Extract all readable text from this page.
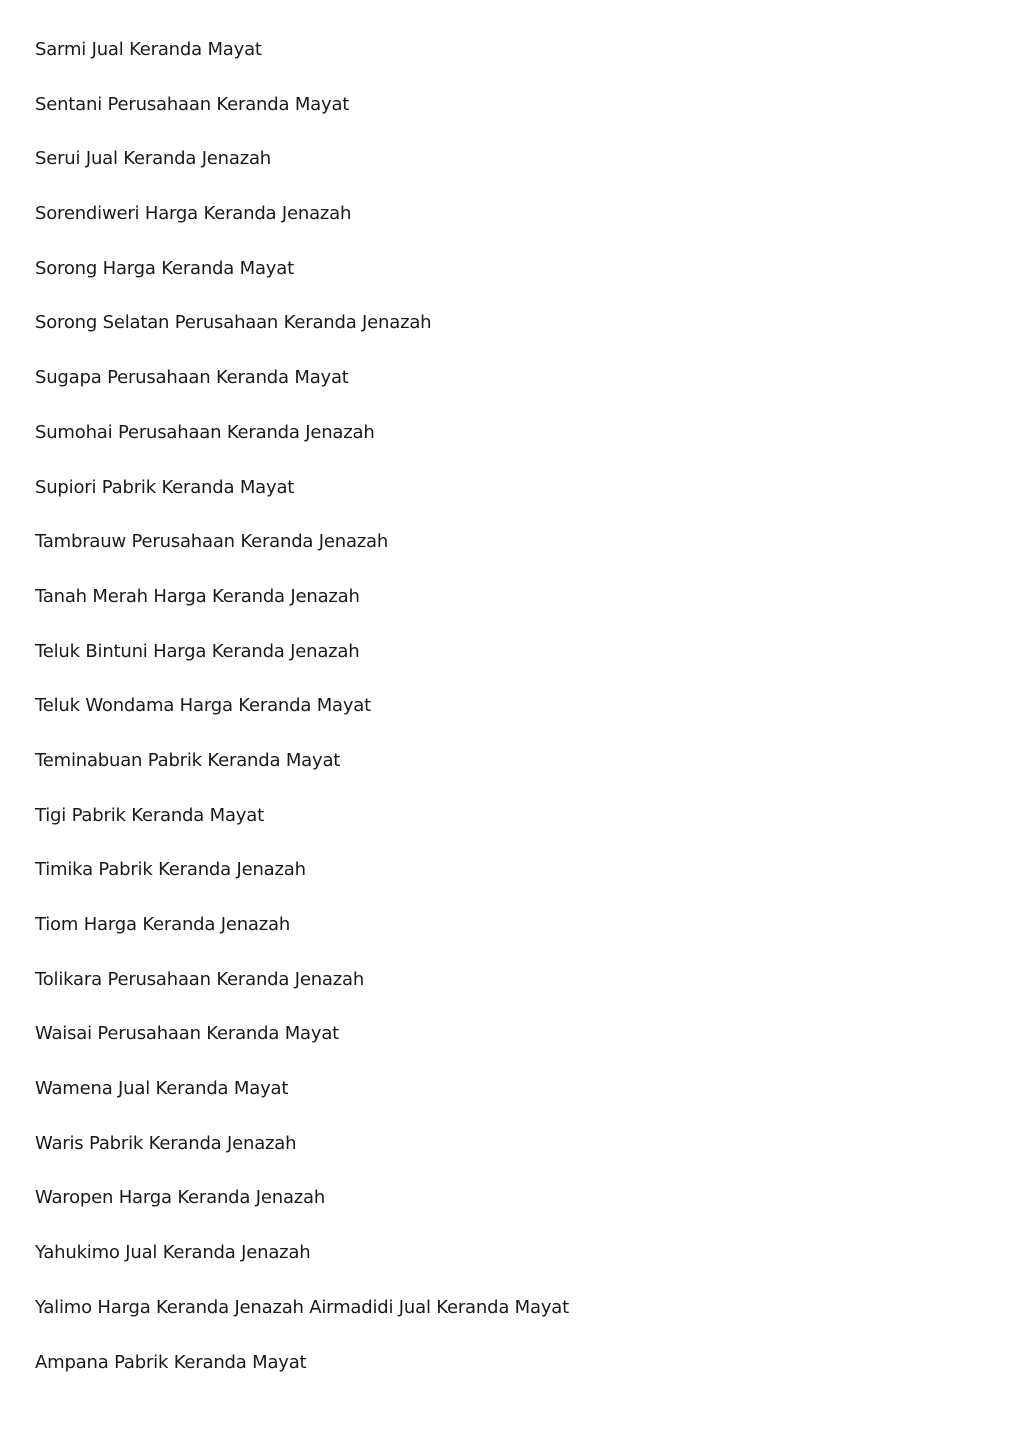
Sarmi Jual Keranda Mayat
Sentani Perusahaan Keranda Mayat
Serui Jual Keranda Jenazah
Sorendiweri Harga Keranda Jenazah
Sorong Harga Keranda Mayat
Sorong Selatan Perusahaan Keranda Jenazah
Sugapa Perusahaan Keranda Mayat
Sumohai Perusahaan Keranda Jenazah
Supiori Pabrik Keranda Mayat
Tambrauw Perusahaan Keranda Jenazah
Tanah Merah Harga Keranda Jenazah
Teluk Bintuni Harga Keranda Jenazah
Teluk Wondama Harga Keranda Mayat
Teminabuan Pabrik Keranda Mayat
Tigi Pabrik Keranda Mayat
Timika Pabrik Keranda Jenazah
Tiom Harga Keranda Jenazah
Tolikara Perusahaan Keranda Jenazah
Waisai Perusahaan Keranda Mayat
Wamena Jual Keranda Mayat
Waris Pabrik Keranda Jenazah
Waropen Harga Keranda Jenazah
Yahukimo Jual Keranda Jenazah
Yalimo Harga Keranda Jenazah Airmadidi Jual Keranda Mayat
Ampana Pabrik Keranda Mayat
